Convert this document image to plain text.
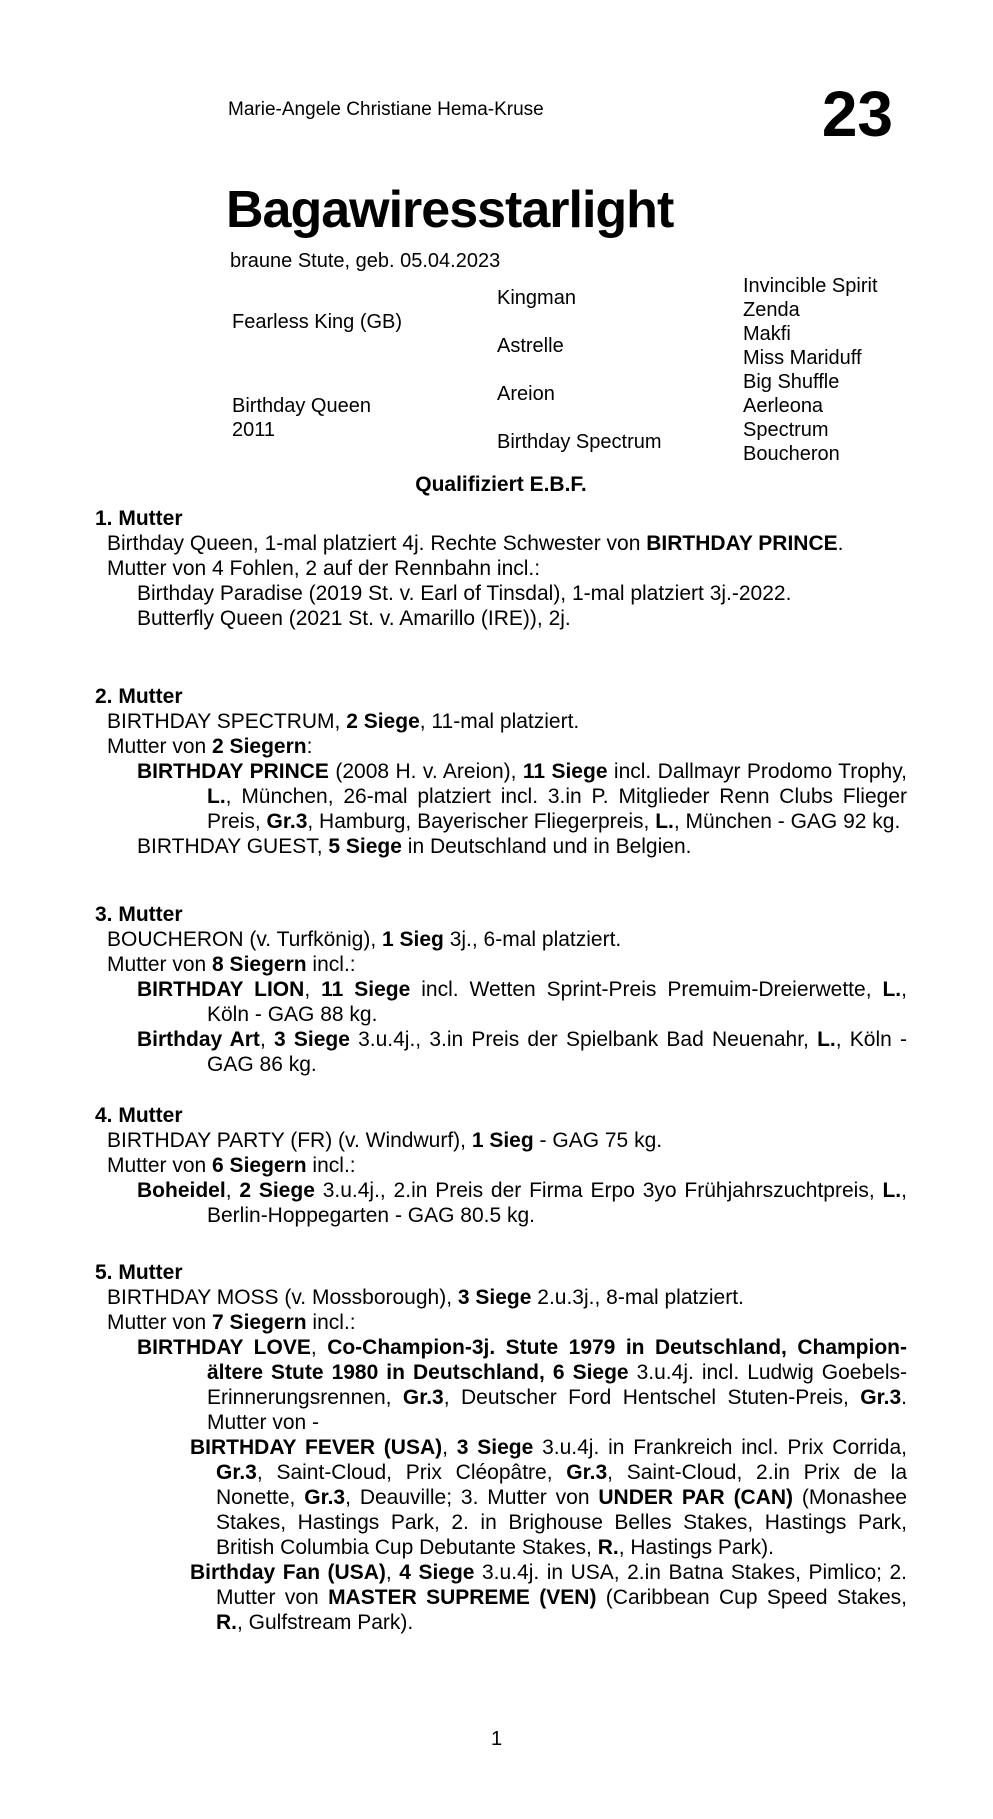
Marie-Angele Christiane Hema-Kruse	23
Bagawiresstarlight
braune Stute, geb. 05.04.2023
Fearless King (GB)
Birthday Queen
2011
Kingman
Astrelle
Areion
Birthday Spectrum
Invincible Spirit
Zenda
Makfi
Miss Mariduff
Big Shuffle
Aerleona
Spectrum
Boucheron
Qualifiziert E.B.F.
1. Mutter
Birthday Queen, 1-mal platziert 4j. Rechte Schwester von BIRTHDAY PRINCE.
Mutter von 4 Fohlen, 2 auf der Rennbahn incl.:
Birthday Paradise (2019 St. v. Earl of Tinsdal), 1-mal platziert 3j.-2022.
Butterfly Queen (2021 St. v. Amarillo (IRE)), 2j.
2. Mutter
BIRTHDAY SPECTRUM, 2 Siege, 11-mal platziert.
Mutter von 2 Siegern:
BIRTHDAY PRINCE (2008 H. v. Areion), 11 Siege incl. Dallmayr Prodomo Trophy, L., München, 26-mal platziert incl. 3.in P. Mitglieder Renn Clubs Flieger Preis, Gr.3, Hamburg, Bayerischer Fliegerpreis, L., München - GAG 92 kg.
BIRTHDAY GUEST, 5 Siege in Deutschland und in Belgien.
3. Mutter
BOUCHERON (v. Turfkönig), 1 Sieg 3j., 6-mal platziert.
Mutter von 8 Siegern incl.:
BIRTHDAY LION, 11 Siege incl. Wetten Sprint-Preis Premuim-Dreierwette, L., Köln - GAG 88 kg.
Birthday Art, 3 Siege 3.u.4j., 3.in Preis der Spielbank Bad Neuenahr, L., Köln - GAG 86 kg.
4. Mutter
BIRTHDAY PARTY (FR) (v. Windwurf), 1 Sieg - GAG 75 kg.
Mutter von 6 Siegern incl.:
Boheidel, 2 Siege 3.u.4j., 2.in Preis der Firma Erpo 3yo Frühjahrszuchtpreis, L., Berlin-Hoppegarten - GAG 80.5 kg.
5. Mutter
BIRTHDAY MOSS (v. Mossborough), 3 Siege 2.u.3j., 8-mal platziert.
Mutter von 7 Siegern incl.:
BIRTHDAY LOVE, Co-Champion-3j. Stute 1979 in Deutschland, Champion-ältere Stute 1980 in Deutschland, 6 Siege 3.u.4j. incl. Ludwig Goebels-Erinnerungsrennen, Gr.3, Deutscher Ford Hentschel Stuten-Preis, Gr.3. Mutter von -
BIRTHDAY FEVER (USA), 3 Siege 3.u.4j. in Frankreich incl. Prix Corrida, Gr.3, Saint-Cloud, Prix Cléopâtre, Gr.3, Saint-Cloud, 2.in Prix de la Nonette, Gr.3, Deauville; 3. Mutter von UNDER PAR (CAN) (Monashee Stakes, Hastings Park, 2. in Brighouse Belles Stakes, Hastings Park, British Columbia Cup Debutante Stakes, R., Hastings Park).
Birthday Fan (USA), 4 Siege 3.u.4j. in USA, 2.in Batna Stakes, Pimlico; 2. Mutter von MASTER SUPREME (VEN) (Caribbean Cup Speed Stakes, R., Gulfstream Park).
1
